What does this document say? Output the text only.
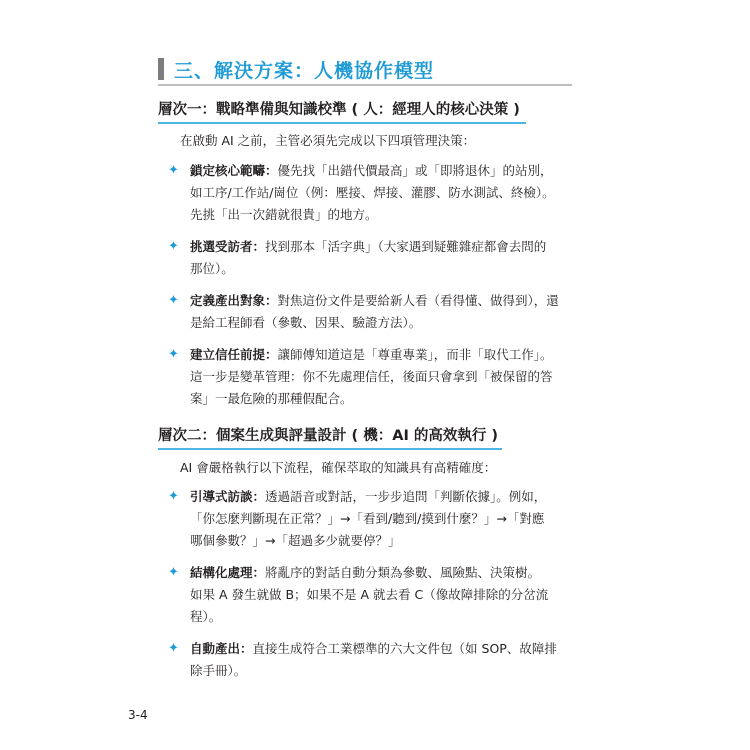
三、解決方案：人機協作模型
層次一：戰略準備與知識校準 ( 人：經理人的核心決策 )
在啟動 AI 之前，主管必須先完成以下四項管理決策：
✦ 鎖定核心範疇：優先找「出錯代價最高」或「即將退休」的站別，
如工序/工作站/崗位（例：壓接、焊接、灌膠、防水測試、終檢）。
先挑「出一次錯就很貴」的地方。
✦ 挑選受訪者：找到那本「活字典」（大家遇到疑難雜症都會去問的
那位）。
✦ 定義產出對象：對焦這份文件是要給新人看（看得懂、做得到），還
是給工程師看（參數、因果、驗證方法）。
✦ 建立信任前提：讓師傅知道這是「尊重專業」，而非「取代工作」。
這一步是變革管理：你不先處理信任，後面只會拿到「被保留的答
案」一最危險的那種假配合。
層次二：個案生成與評量設計 ( 機：AI 的高效執行 )
AI 會嚴格執行以下流程，確保萃取的知識具有高精確度：
✦ 引導式訪談：透過語音或對話，一步步追問「判斷依據」。例如，
「你怎麼判斷現在正常？」→「看到/聽到/摸到什麼？」→「對應
哪個參數？」→「超過多少就要停？」
✦ 結構化處理：將亂序的對話自動分類為參數、風險點、決策樹。
如果 A 發生就做 B；如果不是 A 就去看 C（像故障排除的分岔流
程）。
✦ 自動產出：直接生成符合工業標準的六大文件包（如 SOP、故障排
除手冊）。
3-4
